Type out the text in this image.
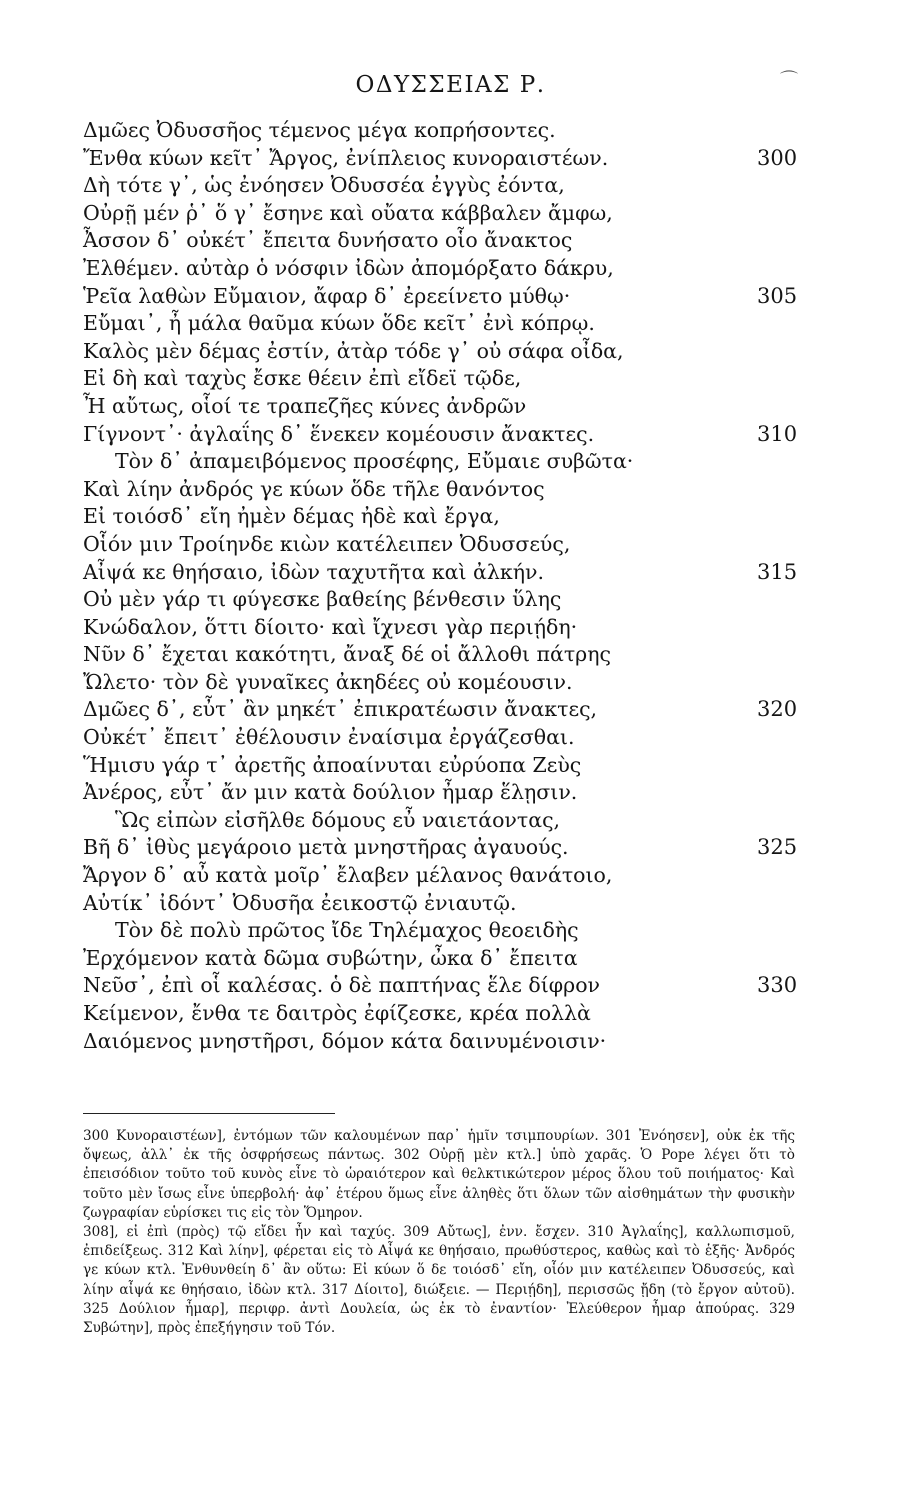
ΟΔΥΣΣΕΙΑΣ Ρ.	⌒
Δμῶες Ὀδυσσῆος τέμενος μέγα κοπρήσοντες.
Ἔνθα κύων κεῖτ᾽ Ἄργος, ἐνίπλειος κυνοραιστέων.	300
Δὴ τότε γ᾽, ὡς ἐνόησεν Ὀδυσσέα ἐγγὺς ἐόντα,
Οὐρῇ μέν ῥ᾽ ὅ γ᾽ ἔσηνε καὶ οὔατα κάββαλεν ἄμφω,
Ἆσσον δ᾽ οὐκέτ᾽ ἔπειτα δυνήσατο οἷο ἄνακτος
Ἐλθέμεν. αὐτὰρ ὁ νόσφιν ἰδὼν ἀπομόρξατο δάκρυ,
Ῥεῖα λαθὼν Εὔμαιον, ἄφαρ δ᾽ ἐρεείνετο μύθῳ·	305
Εὔμαι᾽, ἦ μάλα θαῦμα κύων ὅδε κεῖτ᾽ ἐνὶ κόπρῳ.
Καλὸς μὲν δέμας ἐστίν, ἀτὰρ τόδε γ᾽ οὐ σάφα οἶδα,
Εἰ δὴ καὶ ταχὺς ἔσκε θέειν ἐπὶ εἴδεϊ τῷδε,
Ἦ αὔτως, οἷοί τε τραπεζῆες κύνες ἀνδρῶν
Γίγνοντ᾽· ἀγλαΐης δ᾽ ἕνεκεν κομέουσιν ἄνακτες.	310
Τὸν δ᾽ ἀπαμειβόμενος προσέφης, Εὔμαιε συβῶτα·
Καὶ λίην ἀνδρός γε κύων ὅδε τῆλε θανόντος
Εἰ τοιόσδ᾽ εἴη ἠμὲν δέμας ἠδὲ καὶ ἔργα,
Οἷόν μιν Τροίηνδε κιὼν κατέλειπεν Ὀδυσσεύς,
Αἶψά κε θηήσαιο, ἰδὼν ταχυτῆτα καὶ ἀλκήν.	315
Οὐ μὲν γάρ τι φύγεσκε βαθείης βένθεσιν ὕλης
Κνώδαλον, ὅττι δίοιτο· καὶ ἴχνεσι γὰρ περιῄδη·
Νῦν δ᾽ ἔχεται κακότητι, ἄναξ δέ οἱ ἄλλοθι πάτρης
Ὤλετο· τὸν δὲ γυναῖκες ἀκηδέες οὐ κομέουσιν.
Δμῶες δ᾽, εὖτ᾽ ἂν μηκέτ᾽ ἐπικρατέωσιν ἄνακτες,	320
Οὐκέτ᾽ ἔπειτ᾽ ἐθέλουσιν ἐναίσιμα ἐργάζεσθαι.
Ἥμισυ γάρ τ᾽ ἀρετῆς ἀποαίνυται εὐρύοπα Ζεὺς
Ἀνέρος, εὖτ᾽ ἄν μιν κατὰ δούλιον ἦμαρ ἕλῃσιν.
Ὣς εἰπὼν εἰσῆλθε δόμους εὖ ναιετάοντας,
Βῆ δ᾽ ἰθὺς μεγάροιο μετὰ μνηστῆρας ἀγαυούς.	325
Ἄργον δ᾽ αὖ κατὰ μοῖρ᾽ ἔλαβεν μέλανος θανάτοιο,
Αὐτίκ᾽ ἰδόντ᾽ Ὀδυσῆα ἐεικοστῷ ἐνιαυτῷ.
Τὸν δὲ πολὺ πρῶτος ἴδε Τηλέμαχος θεοειδὴς
Ἐρχόμενον κατὰ δῶμα συβώτην, ὦκα δ᾽ ἔπειτα
Νεῦσ᾽, ἐπὶ οἷ καλέσας. ὁ δὲ παπτήνας ἕλε δίφρον	330
Κείμενον, ἔνθα τε δαιτρὸς ἐφίζεσκε, κρέα πολλὰ
Δαιόμενος μνηστῆρσι, δόμον κάτα δαινυμένοισιν·

300 Κυνοραιστέων], ἐντόμων τῶν καλουμένων παρ᾽ ἡμῖν τσιμπουρίων. 301 Ἐνόησεν], οὐκ ἐκ τῆς ὄψεως, ἀλλ᾽ ἐκ τῆς ὀσφρήσεως πάντως. 302 Οὐρῇ μὲν κτλ.] ὑπὸ χαρᾶς. Ὁ Pope λέγει ὅτι τὸ ἐπεισόδιον τοῦτο τοῦ κυνὸς εἶνε τὸ ὡραιότερον καὶ θελκτικώτερον μέρος ὅλου τοῦ ποιήματος· Καὶ τοῦτο μὲν ἴσως εἶνε ὑπερβολή· ἀφ᾽ ἑτέρου ὅμως εἶνε ἀληθὲς ὅτι ὅλων τῶν αἰσθημάτων τὴν φυσικὴν ζωγραφίαν εὑρίσκει τις εἰς τὸν Ὅμηρον.

308], εἰ ἐπὶ (πρὸς) τῷ εἴδει ἦν καὶ ταχύς. 309 Αὔτως], ἐνν. ἔσχεν. 310 Ἀγλαΐης], καλλωπισμοῦ, ἐπιδείξεως. 312 Καὶ λίην], φέρεται εἰς τὸ Αἶψά κε θηήσαιο, πρωθύστερος, καθὼς καὶ τὸ ἑξῆς· Ἀνδρός γε κύων κτλ. Ἐνθυνθείη δ᾽ ἂν οὕτω: Εἰ κύων ὅ δε τοιόσδ᾽ εἴη, οἷόν μιν κατέλειπεν Ὀδυσσεύς, καὶ λίην αἶψά κε θηήσαιο, ἰδὼν κτλ. 317 Δίοιτο], διώξειε. — Περιῄδη], περισσῶς ᾔδη (τὸ ἔργον αὐτοῦ). 325 Δούλιον ἦμαρ], περιφρ. ἀντὶ Δουλεία, ὡς ἐκ τὸ ἐναντίον· Ἐλεύθερον ἦμαρ ἀπούρας. 329 Συβώτην], πρὸς ἐπεξήγησιν τοῦ Τόν.
